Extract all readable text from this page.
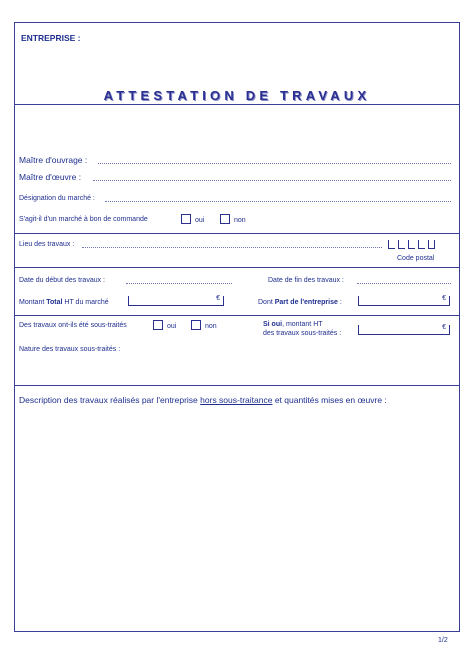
ENTREPRISE :
ATTESTATION DE TRAVAUX
Maître d'ouvrage :
Maître d'œuvre :
Désignation du marché :
S'agit-il d'un marché à bon de commande	oui	non
Lieu des travaux :
Code postal
Date du début des travaux :	Date de fin des travaux :
Montant Total HT du marché
€
Dont Part de l'entreprise :
€
Des travaux ont-ils été sous-traités	oui	non	Si oui, montant HT
des travaux sous-traités :
€
Nature des travaux sous-traités :
Description des travaux réalisés par l'entreprise hors sous-traitance et quantités mises en œuvre :
1/2
